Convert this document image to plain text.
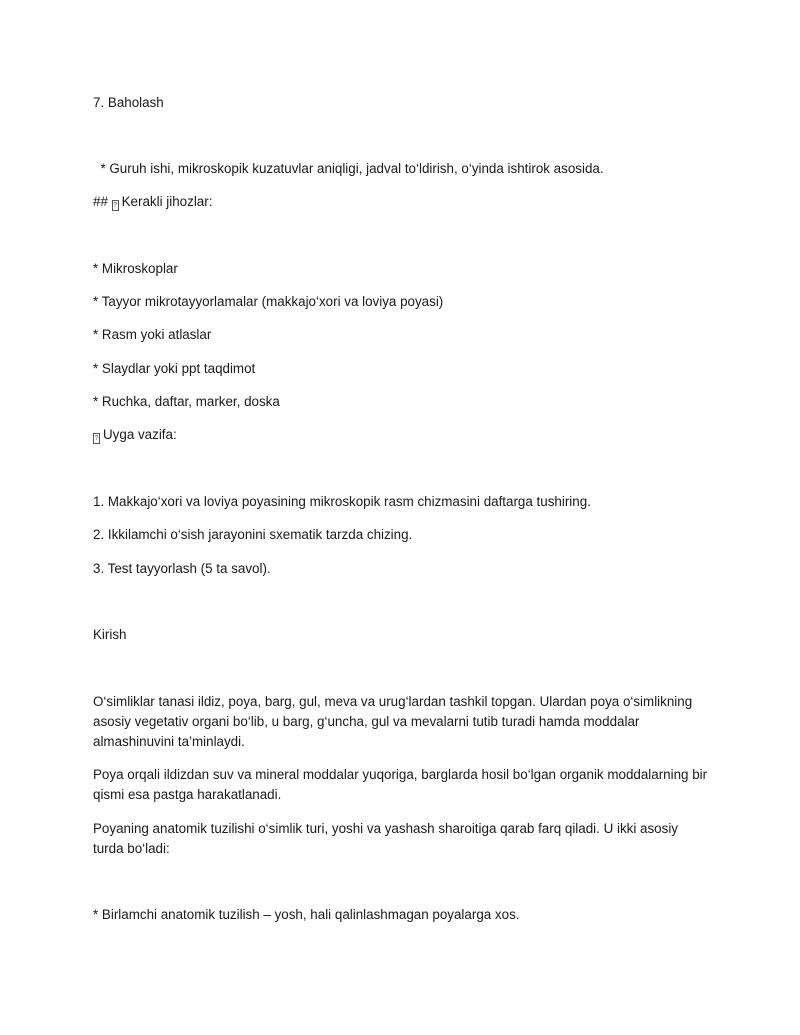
7. Baholash
* Guruh ishi, mikroskopik kuzatuvlar aniqligi, jadval to‘ldirish, o‘yinda ishtirok asosida.
## ? Kerakli jihozlar:
* Mikroskoplar
* Tayyor mikrotayyorlamalar (makkajo‘xori va loviya poyasi)
* Rasm yoki atlaslar
* Slaydlar yoki ppt taqdimot
* Ruchka, daftar, marker, doska
? Uyga vazifa:
1. Makkajo‘xori va loviya poyasining mikroskopik rasm chizmasini daftarga tushiring.
2. Ikkilamchi o‘sish jarayonini sxematik tarzda chizing.
3. Test tayyorlash (5 ta savol).
Kirish
O‘simliklar tanasi ildiz, poya, barg, gul, meva va urug‘lardan tashkil topgan. Ulardan poya o‘simlikning asosiy vegetativ organi bo‘lib, u barg, g‘uncha, gul va mevalarni tutib turadi hamda moddalar almashinuvini ta’minlaydi.
Poya orqali ildizdan suv va mineral moddalar yuqoriga, barglarda hosil bo‘lgan organik moddalarning bir qismi esa pastga harakatlanadi.
Poyaning anatomik tuzilishi o‘simlik turi, yoshi va yashash sharoitiga qarab farq qiladi. U ikki asosiy turda bo‘ladi:
* Birlamchi anatomik tuzilish – yosh, hali qalinlashmagan poyalarga xos.
